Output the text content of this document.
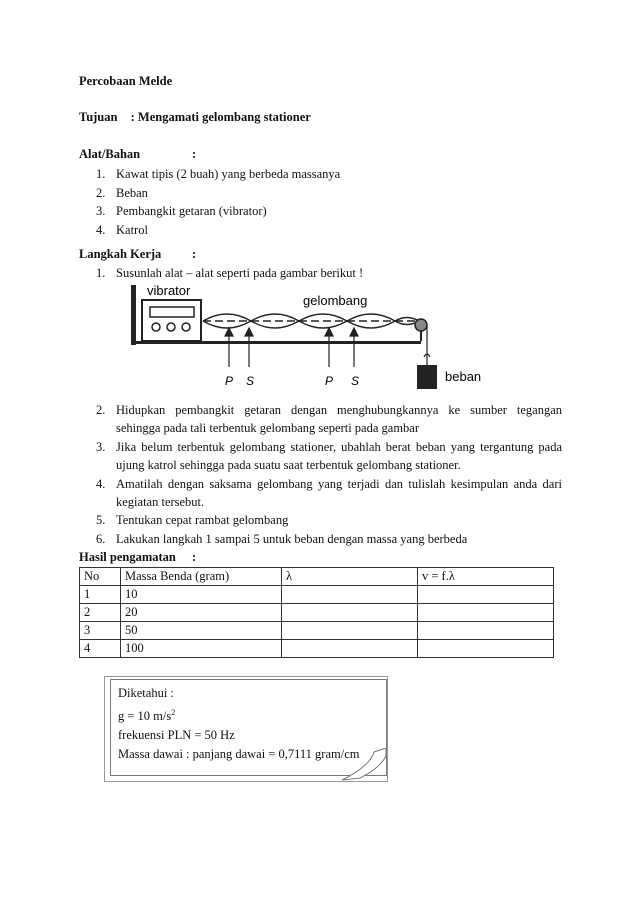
Percobaan Melde
Tujuan : Mengamati gelombang stationer
Alat/Bahan	:
1. Kawat tipis (2 buah) yang berbeda massanya
2. Beban
3. Pembangkit getaran (vibrator)
4. Katrol
Langkah Kerja :
1. Susunlah alat – alat seperti pada gambar berikut !
vibrator
gelombang
beban
P S	P S
2. Hidupkan pembangkit getaran dengan menghubungkannya ke sumber tegangan
sehingga pada tali terbentuk gelombang seperti pada gambar
3. Jika belum terbentuk gelombang stationer, ubahlah berat beban yang tergantung pada
ujung katrol sehingga pada suatu saat terbentuk gelombang stationer.
4. Amatilah dengan saksama gelombang yang terjadi dan tulislah kesimpulan anda dari
kegiatan tersebut.
5. Tentukan cepat rambat gelombang
6. Lakukan langkah 1 sampai 5 untuk beban dengan massa yang berbeda
Hasil pengamatan :
No	Massa Benda (gram)	λ	v = f.λ
1	10		
2	20		
3	50		
4	100		
Diketahui :
g = 10 $m/s^2$
frekuensi PLN = 50 Hz
Massa dawai : panjang dawai = 0,7111 gram/cm
